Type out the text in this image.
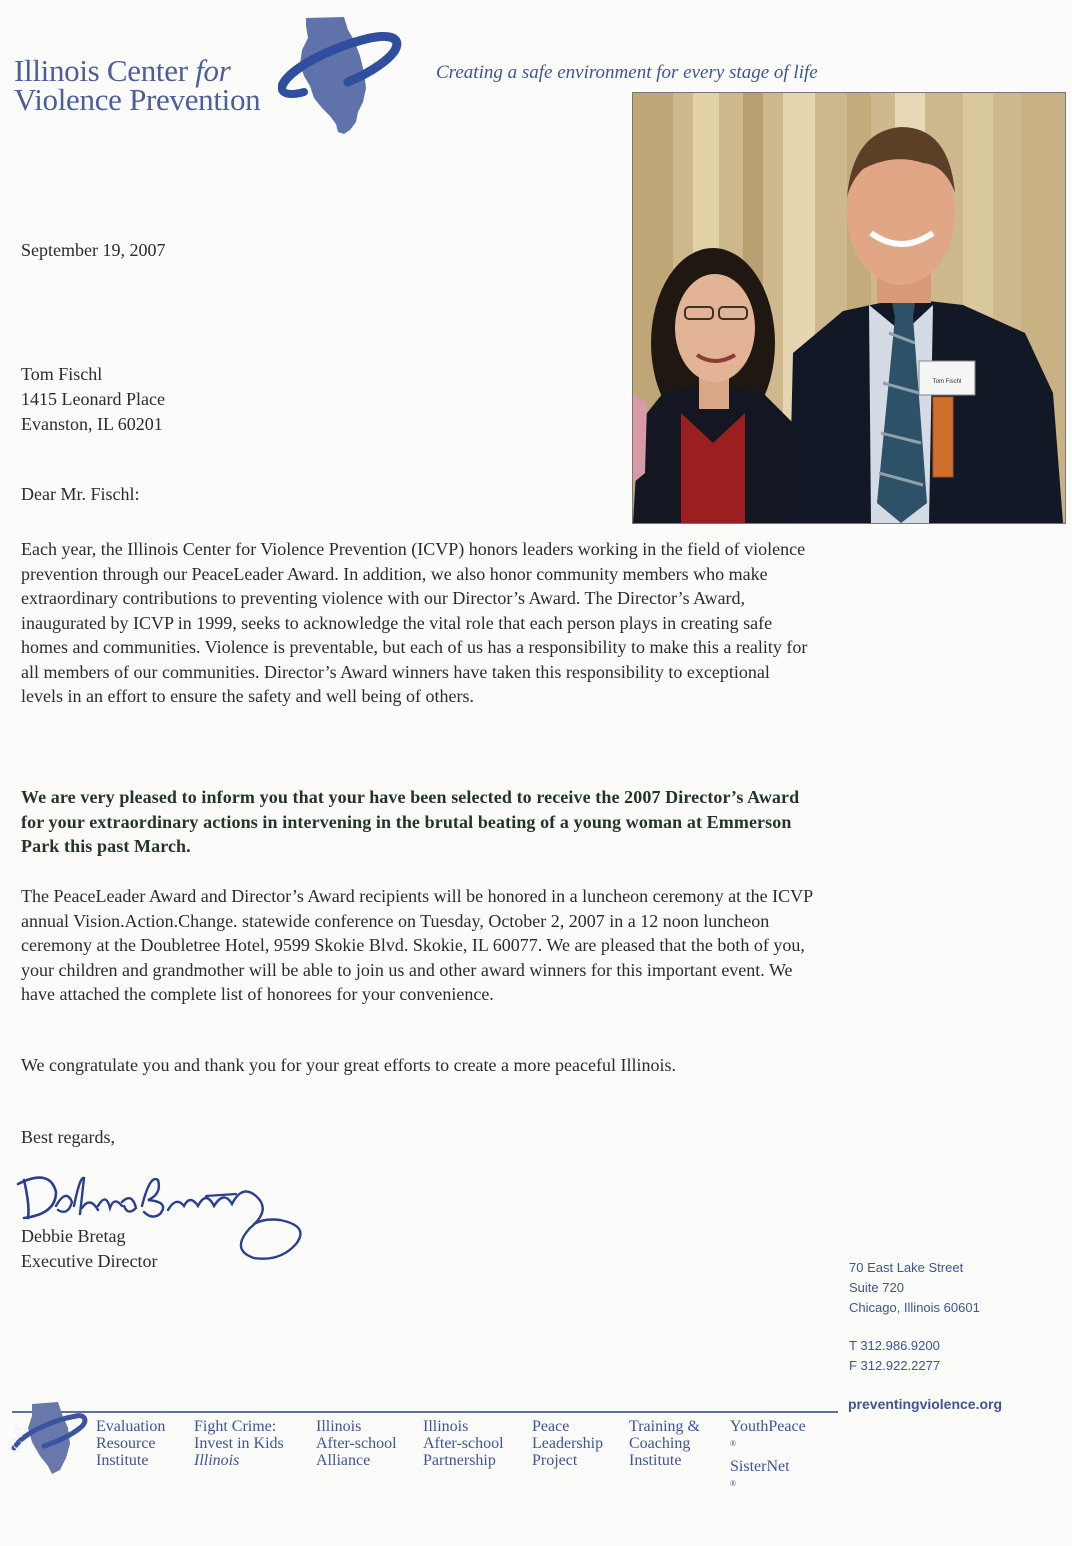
Illinois Center for
Violence Prevention
Creating a safe environment for every stage of life
Tom Fischl
September 19, 2007
Tom Fischl
1415 Leonard Place
Evanston, IL 60201
Dear Mr. Fischl:
Each year, the Illinois Center for Violence Prevention (ICVP) honors leaders working in the field of violence prevention through our PeaceLeader Award. In addition, we also honor community members who make extraordinary contributions to preventing violence with our Director’s Award. The Director’s Award, inaugurated by ICVP in 1999, seeks to acknowledge the vital role that each person plays in creating safe homes and communities. Violence is preventable, but each of us has a responsibility to make this a reality for all members of our communities. Director’s Award winners have taken this responsibility to exceptional levels in an effort to ensure the safety and well being of others.
We are very pleased to inform you that your have been selected to receive the 2007 Director’s Award for your extraordinary actions in intervening in the brutal beating of a young woman at Emmerson Park this past March.
The PeaceLeader Award and Director’s Award recipients will be honored in a luncheon ceremony at the ICVP annual Vision.Action.Change. statewide conference on Tuesday, October 2, 2007 in a 12 noon luncheon ceremony at the Doubletree Hotel, 9599 Skokie Blvd. Skokie, IL 60077. We are pleased that the both of you, your children and grandmother will be able to join us and other award winners for this important event. We have attached the complete list of honorees for your convenience.
We congratulate you and thank you for your great efforts to create a more peaceful Illinois.
Best regards,
Debbie Bretag
Executive Director	70 East Lake Street
Suite 720
Chicago, Illinois 60601
T 312.986.9200
F 312.922.2277
preventingviolence.org
ICVP	Evaluation
Resource
Institute
Fight Crime:
Invest in Kids
Illinois
Illinois
After-school
Alliance
Illinois
After-school
Partnership
Peace
Leadership
Project
Training &
Coaching
Institute
YouthPeace
®
SisterNet
®
